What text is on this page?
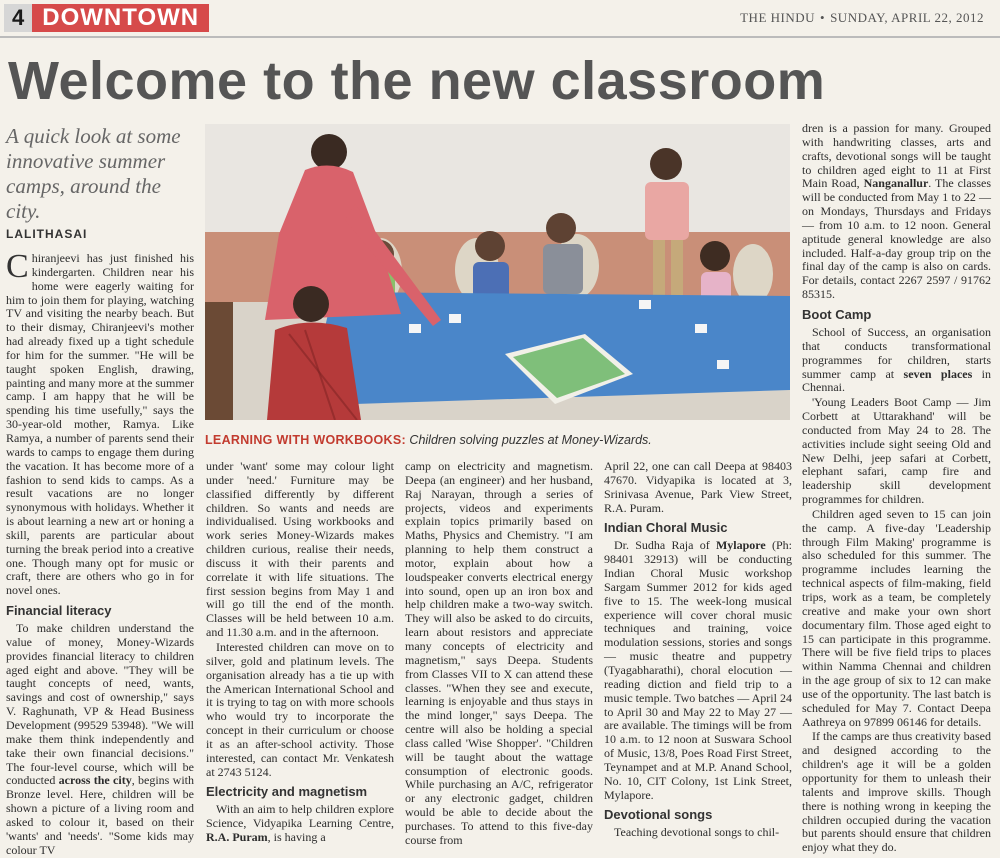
4 DOWNTOWN	THE HINDU • SUNDAY, APRIL 22, 2012
Welcome to the new classroom
A quick look at some innovative summer camps, around the city.
LALITHASAI

Chiranjeevi has just finished his kindergarten. Children near his home were eagerly waiting for him to join them for playing, watching TV and visiting the nearby beach. But to their dismay, Chiranjeevi's mother had already fixed up a tight schedule for him for the summer. "He will be taught spoken English, drawing, painting and many more at the summer camp. I am happy that he will be spending his time usefully," says the 30-year-old mother, Ramya. Like Ramya, a number of parents send their wards to camps to engage them during the vacation. It has become more of a fashion to send kids to camps. As a result vacations are no longer synonymous with holidays. Whether it is about learning a new art or honing a skill, parents are particular about turning the break period into a creative one. Though many opt for music or craft, there are others who go in for novel ones.

Financial literacy

To make children understand the value of money, Money-Wizards provides financial literacy to children aged eight and above. "They will be taught concepts of need, wants, savings and cost of ownership," says V. Raghunath, VP & Head Business Development (99529 53948). "We will make them think independently and take their own financial decisions." The four-level course, which will be conducted across the city, begins with Bronze level. Here, children will be shown a picture of a living room and asked to colour it, based on their 'wants' and 'needs'. "Some kids may colour TV

LEARNING WITH WORKBOOKS: Children solving puzzles at Money-Wizards.

under 'want' some may colour light under 'need.' Furniture may be classified differently by different children. So wants and needs are individualised. Using workbooks and work series Money-Wizards makes children curious, realise their needs, discuss it with their parents and correlate it with life situations. The first session begins from May 1 and will go till the end of the month. Classes will be held between 10 a.m. and 11.30 a.m. and in the afternoon.

Interested children can move on to silver, gold and platinum levels. The organisation already has a tie up with the American International School and it is trying to tag on with more schools who would try to incorporate the concept in their curriculum or choose it as an after-school activity. Those interested, can contact Mr. Venkatesh at 2743 5124.

Electricity and magnetism

With an aim to help children explore Science, Vidyapika Learning Centre, R.A. Puram, is having a

camp on electricity and magnetism. Deepa (an engineer) and her husband, Raj Narayan, through a series of projects, videos and experiments explain topics primarily based on Maths, Physics and Chemistry. "I am planning to help them construct a motor, explain about how a loudspeaker converts electrical energy into sound, open up an iron box and help children make a two-way switch. They will also be asked to do circuits, learn about resistors and appreciate many concepts of electricity and magnetism," says Deepa. Students from Classes VII to X can attend these classes. "When they see and execute, learning is enjoyable and thus stays in the mind longer," says Deepa. The centre will also be holding a special class called 'Wise Shopper'. "Children will be taught about the wattage consumption of electronic goods. While purchasing an A/C, refrigerator or any electronic gadget, children would be able to decide about the purchases. To attend to this five-day course from

April 22, one can call Deepa at 98403 47670. Vidyapika is located at 3, Srinivasa Avenue, Park View Street, R.A. Puram.

Indian Choral Music

Dr. Sudha Raja of Mylapore (Ph: 98401 32913) will be conducting Indian Choral Music workshop Sargam Summer 2012 for kids aged five to 15. The week-long musical experience will cover choral music techniques and training, voice modulation sessions, stories and songs — music theatre and puppetry (Tyagabharathi), choral elocution — reading diction and field trip to a music temple. Two batches — April 24 to April 30 and May 22 to May 27 — are available. The timings will be from 10 a.m. to 12 noon at Suswara School of Music, 13/8, Poes Road First Street, Teynampet and at M.P. Anand School, No. 10, CIT Colony, 1st Link Street, Mylapore.

Devotional songs

Teaching devotional songs to chil-

dren is a passion for many. Grouped with handwriting classes, arts and crafts, devotional songs will be taught to children aged eight to 11 at First Main Road, Nanganallur. The classes will be conducted from May 1 to 22 — on Mondays, Thursdays and Fridays — from 10 a.m. to 12 noon. General aptitude general knowledge are also included. Half-a-day group trip on the final day of the camp is also on cards. For details, contact 2267 2597 / 91762 85315.

Boot Camp

School of Success, an organisation that conducts transformational programmes for children, starts summer camp at seven places in Chennai.

'Young Leaders Boot Camp — Jim Corbett at Uttarakhand' will be conducted from May 24 to 28. The activities include sight seeing Old and New Delhi, jeep safari at Corbett, elephant safari, camp fire and leadership skill development programmes for children.

Children aged seven to 15 can join the camp. A five-day 'Leadership through Film Making' programme is also scheduled for this summer. The programme includes learning the technical aspects of film-making, field trips, work as a team, be completely creative and make your own short documentary film. Those aged eight to 15 can participate in this programme. There will be five field trips to places within Namma Chennai and children in the age group of six to 12 can make use of the opportunity. The last batch is scheduled for May 7. Contact Deepa Aathreya on 97899 06146 for details.

If the camps are thus creativity based and designed according to the children's age it will be a golden opportunity for them to unleash their talents and improve skills. Though there is nothing wrong in keeping the children occupied during the vacation but parents should ensure that children enjoy what they do.
